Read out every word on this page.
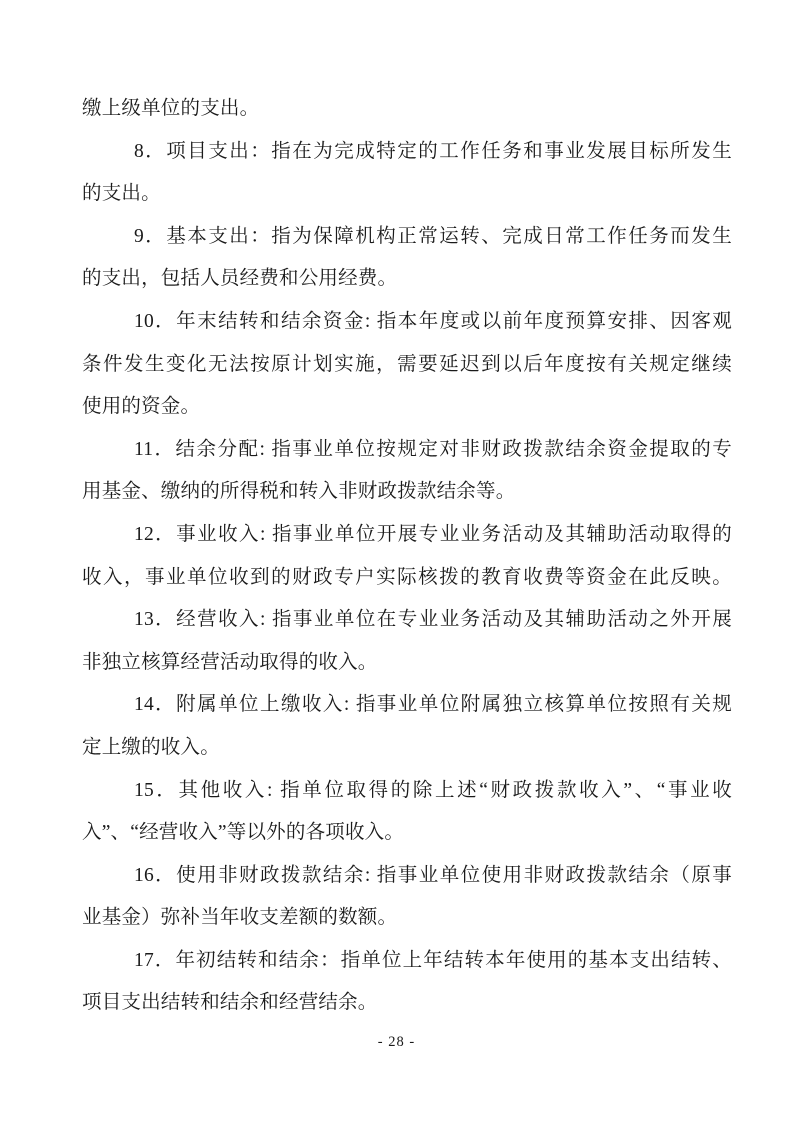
缴上级单位的支出。
8．项目支出：指在为完成特定的工作任务和事业发展目标所发生
的支出。
9．基本支出：指为保障机构正常运转、完成日常工作任务而发生
的支出，包括人员经费和公用经费。
10．年末结转和结余资金: 指本年度或以前年度预算安排、因客观
条件发生变化无法按原计划实施，需要延迟到以后年度按有关规定继续
使用的资金。
11．结余分配: 指事业单位按规定对非财政拨款结余资金提取的专
用基金、缴纳的所得税和转入非财政拨款结余等。
12．事业收入: 指事业单位开展专业业务活动及其辅助活动取得的
收入，事业单位收到的财政专户实际核拨的教育收费等资金在此反映。
13．经营收入: 指事业单位在专业业务活动及其辅助活动之外开展
非独立核算经营活动取得的收入。
14．附属单位上缴收入: 指事业单位附属独立核算单位按照有关规
定上缴的收入。
15．其他收入: 指单位取得的除上述“财政拨款收入”、“事业收
入”、“经营收入”等以外的各项收入。
16．使用非财政拨款结余: 指事业单位使用非财政拨款结余（原事
业基金）弥补当年收支差额的数额。
17．年初结转和结余：指单位上年结转本年使用的基本支出结转、
项目支出结转和结余和经营结余。
- 28 -
